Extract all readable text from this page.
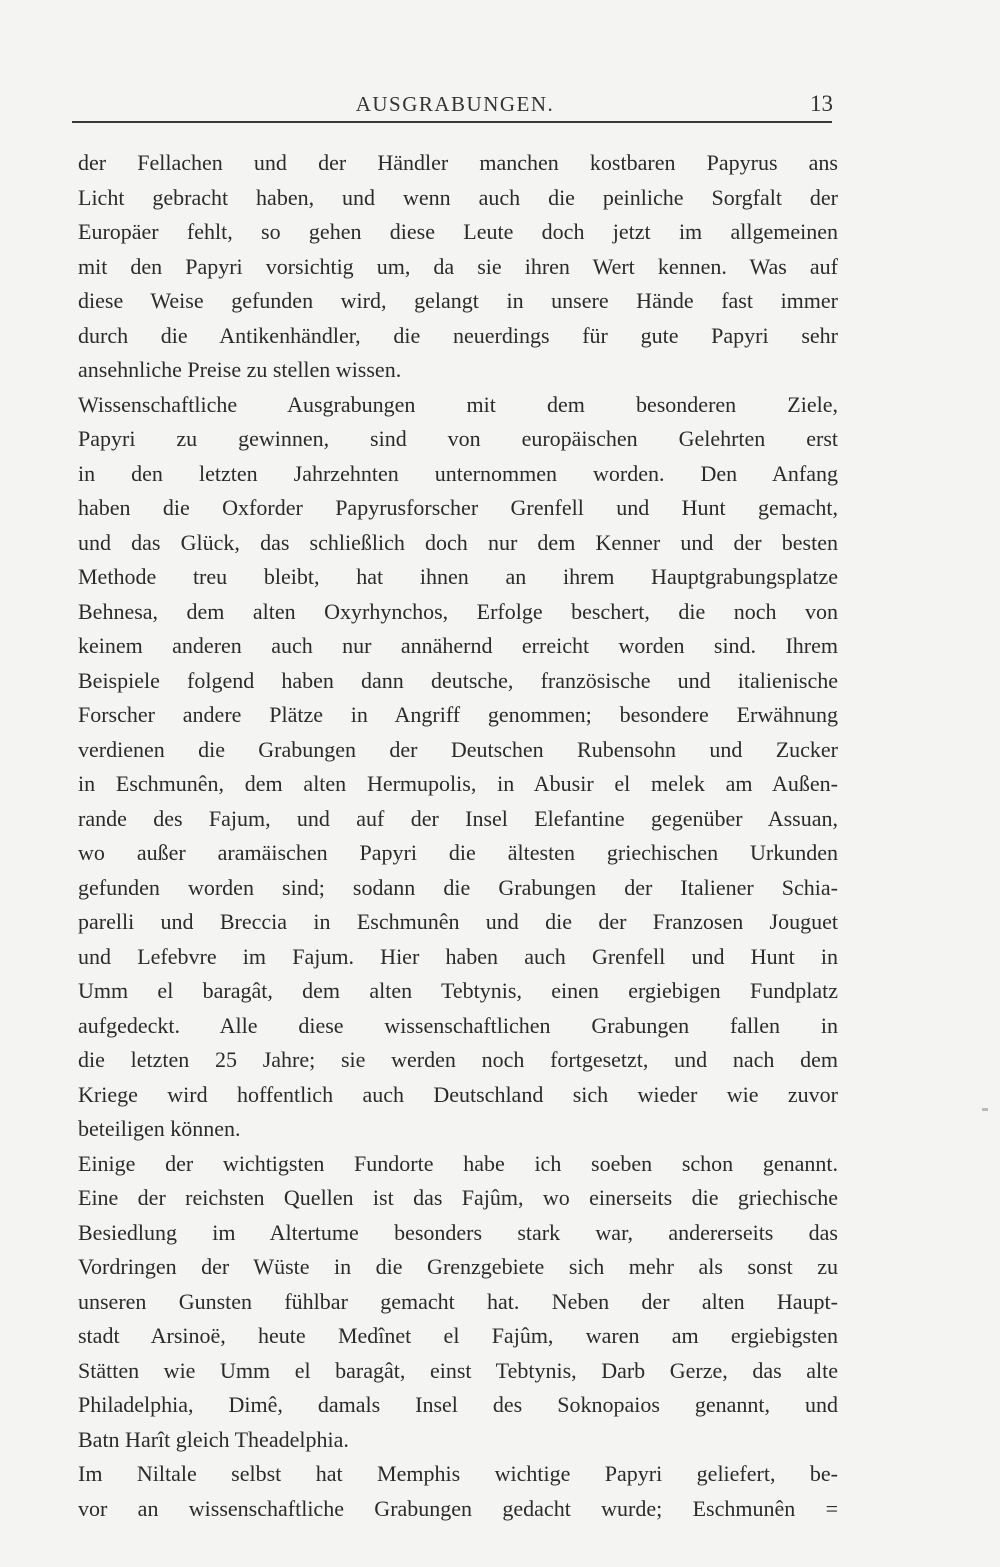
AUSGRABUNGEN.	13
der Fellachen und der Händler manchen kostbaren Papyrus ans
Licht gebracht haben, und wenn auch die peinliche Sorgfalt der
Europäer fehlt, so gehen diese Leute doch jetzt im allgemeinen
mit den Papyri vorsichtig um, da sie ihren Wert kennen. Was auf
diese Weise gefunden wird, gelangt in unsere Hände fast immer
durch die Antikenhändler, die neuerdings für gute Papyri sehr
ansehnliche Preise zu stellen wissen.
Wissenschaftliche Ausgrabungen mit dem besonderen Ziele,
Papyri zu gewinnen, sind von europäischen Gelehrten erst
in den letzten Jahrzehnten unternommen worden. Den Anfang
haben die Oxforder Papyrusforscher Grenfell und Hunt gemacht,
und das Glück, das schließlich doch nur dem Kenner und der besten
Methode treu bleibt, hat ihnen an ihrem Hauptgrabungsplatze
Behnesa, dem alten Oxyrhynchos, Erfolge beschert, die noch von
keinem anderen auch nur annähernd erreicht worden sind. Ihrem
Beispiele folgend haben dann deutsche, französische und italienische
Forscher andere Plätze in Angriff genommen; besondere Erwähnung
verdienen die Grabungen der Deutschen Rubensohn und Zucker
in Eschmunên, dem alten Hermupolis, in Abusir el melek am Außen-
rande des Fajum, und auf der Insel Elefantine gegenüber Assuan,
wo außer aramäischen Papyri die ältesten griechischen Urkunden
gefunden worden sind; sodann die Grabungen der Italiener Schia-
parelli und Breccia in Eschmunên und die der Franzosen Jouguet
und Lefebvre im Fajum. Hier haben auch Grenfell und Hunt in
Umm el baragât, dem alten Tebtynis, einen ergiebigen Fundplatz
aufgedeckt. Alle diese wissenschaftlichen Grabungen fallen in
die letzten 25 Jahre; sie werden noch fortgesetzt, und nach dem
Kriege wird hoffentlich auch Deutschland sich wieder wie zuvor
beteiligen können.
Einige der wichtigsten Fundorte habe ich soeben schon genannt.
Eine der reichsten Quellen ist das Fajûm, wo einerseits die griechische
Besiedlung im Altertume besonders stark war, andererseits das
Vordringen der Wüste in die Grenzgebiete sich mehr als sonst zu
unseren Gunsten fühlbar gemacht hat. Neben der alten Haupt-
stadt Arsinoë, heute Medînet el Fajûm, waren am ergiebigsten
Stätten wie Umm el baragât, einst Tebtynis, Darb Gerze, das alte
Philadelphia, Dimê, damals Insel des Soknopaios genannt, und
Batn Harît gleich Theadelphia.
Im Niltale selbst hat Memphis wichtige Papyri geliefert, be-
vor an wissenschaftliche Grabungen gedacht wurde; Eschmunên =
